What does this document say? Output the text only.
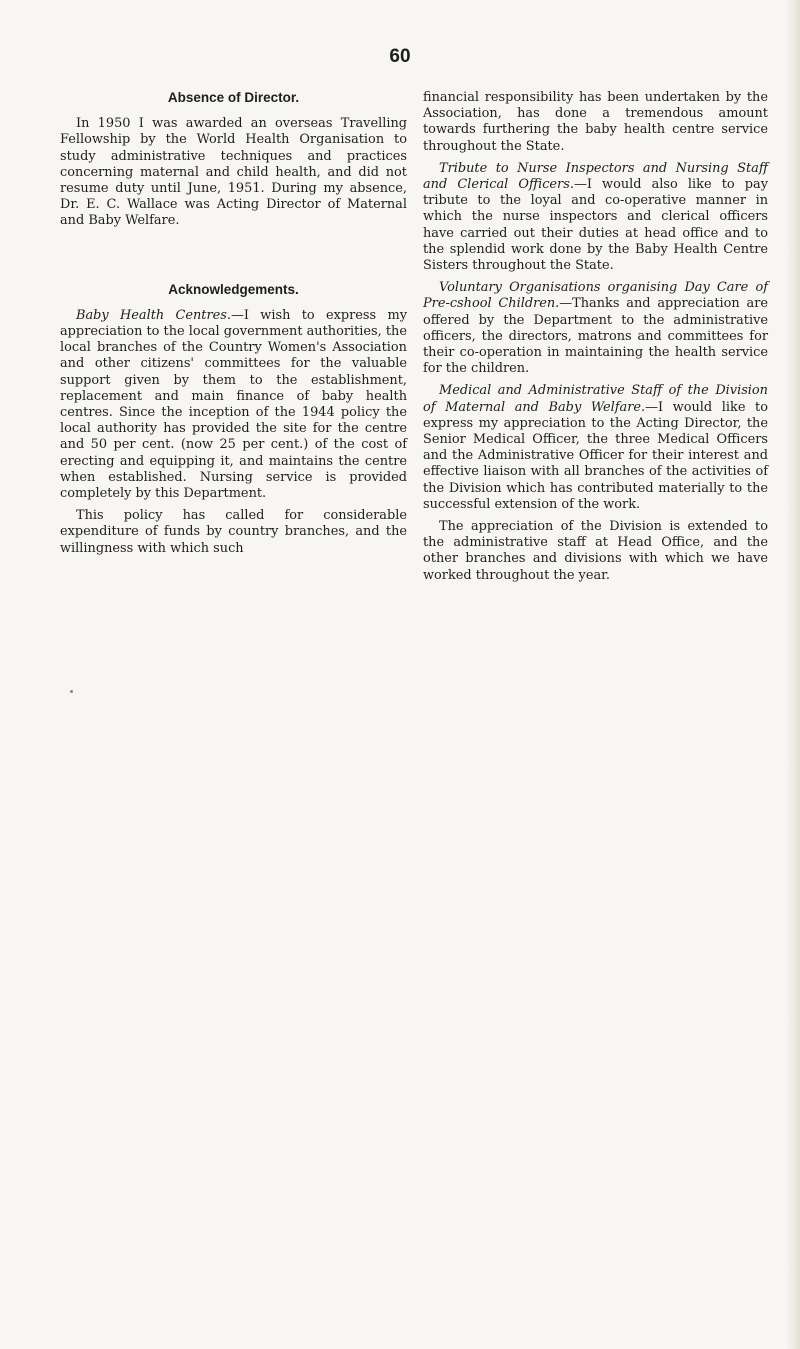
60
Absence of Director.

In 1950 I was awarded an overseas Travelling Fellowship by the World Health Organisation to study administrative techniques and practices concerning maternal and child health, and did not resume duty until June, 1951. During my absence, Dr. E. C. Wallace was Acting Director of Maternal and Baby Welfare.

Acknowledgements.

Baby Health Centres.—I wish to express my appreciation to the local government authorities, the local branches of the Country Women's Association and other citizens' committees for the valuable support given by them to the establishment, replacement and main finance of baby health centres. Since the inception of the 1944 policy the local authority has provided the site for the centre and 50 per cent. (now 25 per cent.) of the cost of erecting and equipping it, and maintains the centre when established. Nursing service is provided completely by this Department.

This policy has called for considerable expenditure of funds by country branches, and the willingness with which such

financial responsibility has been undertaken by the Association, has done a tremendous amount towards furthering the baby health centre service throughout the State.

Tribute to Nurse Inspectors and Nursing Staff and Clerical Officers.—I would also like to pay tribute to the loyal and co-operative manner in which the nurse inspectors and clerical officers have carried out their duties at head office and to the splendid work done by the Baby Health Centre Sisters throughout the State.

Voluntary Organisations organising Day Care of Pre-cshool Children.—Thanks and appreciation are offered by the Department to the administrative officers, the directors, matrons and committees for their co-operation in maintaining the health service for the children.

Medical and Administrative Staff of the Division of Maternal and Baby Welfare.—I would like to express my appreciation to the Acting Director, the Senior Medical Officer, the three Medical Officers and the Administrative Officer for their interest and effective liaison with all branches of the activities of the Division which has contributed materially to the successful extension of the work.

The appreciation of the Division is extended to the administrative staff at Head Office, and the other branches and divisions with which we have worked throughout the year.
